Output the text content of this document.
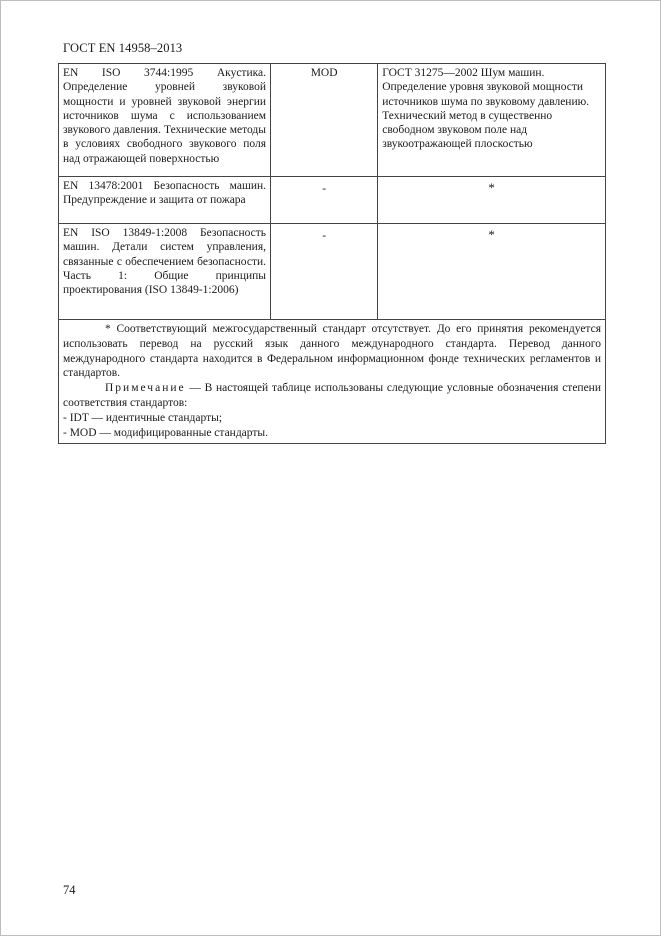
ГОСТ EN 14958–2013
EN ISO 3744:1995 Акустика. Определение уровней звуковой мощности и уровней звуковой энергии источников шума с использованием звукового давления. Технические методы в условиях свободного звукового поля над отражающей поверхностью	MOD	ГОСТ 31275—2002 Шум машин. Определение уровня звуковой мощности источников шума по звуковому давлению. Технический метод в существенно свободном звуковом поле над звукоотражающей плоскостью
EN 13478:2001 Безопасность машин. Предупреждение и защита от пожара	-	*

EN ISO 13849-1:2008 Безопасность машин. Детали систем управления, связанные с обеспечением безопасности. Часть 1: Общие принципы проектирования (ISO 13849-1:2006)	-	*

* Соответствующий межгосударственный стандарт отсутствует. До его принятия рекомендуется использовать перевод на русский язык данного международного стандарта. Перевод данного международного стандарта находится в Федеральном информационном фонде технических регламентов и стандартов.

Примечание — В настоящей таблице использованы следующие условные обозначения степени соответствия стандартов:

- IDT — идентичные стандарты;

- MOD –– модифицированные стандарты.		

74
